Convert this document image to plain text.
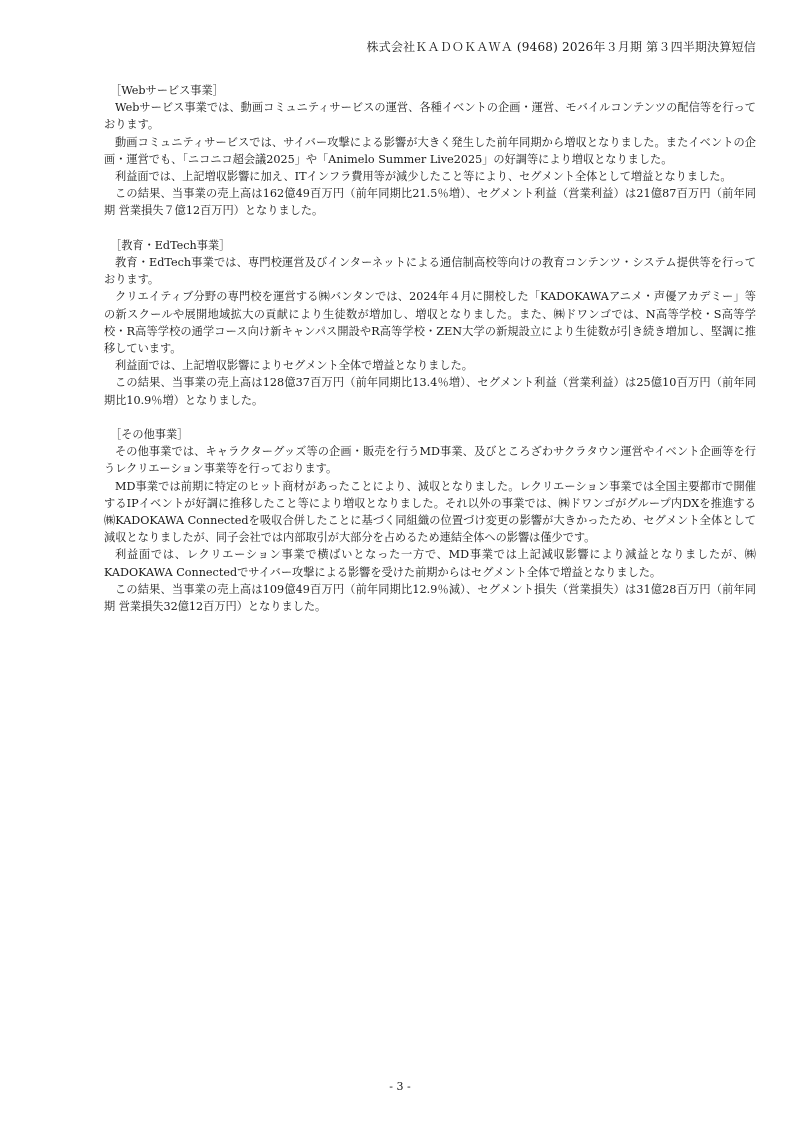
株式会社ＫＡＤＯＫＡＷＡ (9468) 2026年３月期 第３四半期決算短信
［Webサービス事業］

Webサービス事業では、動画コミュニティサービスの運営、各種イベントの企画・運営、モバイルコンテンツの配信等を行っております。

動画コミュニティサービスでは、サイバー攻撃による影響が大きく発生した前年同期から増収となりました。またイベントの企画・運営でも、「ニコニコ超会議2025」や「Animelo Summer Live2025」の好調等により増収となりました。

利益面では、上記増収影響に加え、ITインフラ費用等が減少したこと等により、セグメント全体として増益となりました。

この結果、当事業の売上高は162億49百万円（前年同期比21.5％増）、セグメント利益（営業利益）は21億87百万円（前年同期 営業損失７億12百万円）となりました。

［教育・EdTech事業］

教育・EdTech事業では、専門校運営及びインターネットによる通信制高校等向けの教育コンテンツ・システム提供等を行っております。

クリエイティブ分野の専門校を運営する㈱バンタンでは、2024年４月に開校した「KADOKAWAアニメ・声優アカデミー」等の新スクールや展開地域拡大の貢献により生徒数が増加し、増収となりました。また、㈱ドワンゴでは、N高等学校・S高等学校・R高等学校の通学コース向け新キャンパス開設やR高等学校・ZEN大学の新規設立により生徒数が引き続き増加し、堅調に推移しています。

利益面では、上記増収影響によりセグメント全体で増益となりました。

この結果、当事業の売上高は128億37百万円（前年同期比13.4％増）、セグメント利益（営業利益）は25億10百万円（前年同期比10.9％増）となりました。

［その他事業］

その他事業では、キャラクターグッズ等の企画・販売を行うMD事業、及びところざわサクラタウン運営やイベント企画等を行うレクリエーション事業等を行っております。

MD事業では前期に特定のヒット商材があったことにより、減収となりました。レクリエーション事業では全国主要都市で開催するIPイベントが好調に推移したこと等により増収となりました。それ以外の事業では、㈱ドワンゴがグループ内DXを推進する㈱KADOKAWA Connectedを吸収合併したことに基づく同組織の位置づけ変更の影響が大きかったため、セグメント全体として減収となりましたが、同子会社では内部取引が大部分を占めるため連結全体への影響は僅少です。

利益面では、レクリエーション事業で横ばいとなった一方で、MD事業では上記減収影響により減益となりましたが、㈱KADOKAWA Connectedでサイバー攻撃による影響を受けた前期からはセグメント全体で増益となりました。

この結果、当事業の売上高は109億49百万円（前年同期比12.9％減）、セグメント損失（営業損失）は31億28百万円（前年同期 営業損失32億12百万円）となりました。

- 3 -
